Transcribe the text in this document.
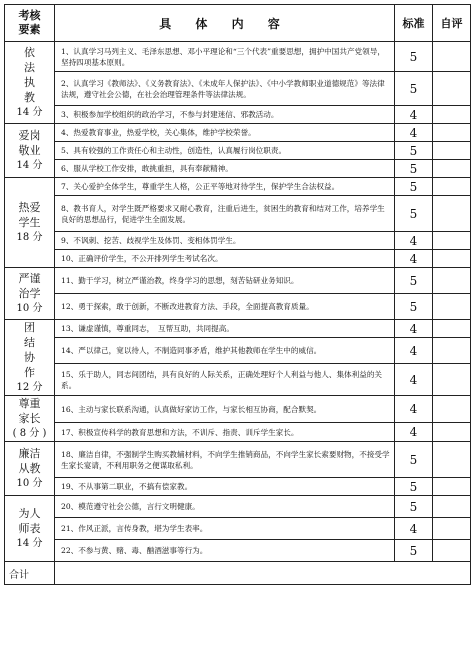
考核
要素	具 体 内 容	标准	自评

依
法
执
教
14 分	1、认真学习马列主义、毛泽东思想、邓小平理论和“三个代表”重要思想，拥护中国共产党领导，坚持四项基本原则。	5	
	2、认真学习《教师法》、《义务教育法》、《未成年人保护法》、《中小学教师职业道德规范》等法律法规，遵守社会公德，在社会治理管理条件等法律法规。	5	
	3、积极参加学校组织的政治学习，不参与封建迷信、邪教活动。	4	

爱岗
敬业
14 分	4、热爱教育事业，热爱学校，关心集体，维护学校荣誉。	4	
	5、具有较强的工作责任心和主动性，创造性，认真履行岗位职责。	5	
	6、服从学校工作安排，敢挑重担，具有奉献精神。	5	

热爱
学生
18 分	7、关心爱护全体学生，尊重学生人格，公正平等地对待学生，保护学生合法权益。	5	
	8、教书育人，对学生既严格要求又耐心教育，注重后进生，贫困生的教育和结对工作，培养学生良好的思想品行，促进学生全面发展。	5	
	9、不讽刺、挖苦、歧视学生及体罚、变相体罚学生。	4	
	10、正确评价学生，不公开排列学生考试名次。	4	

严谨
治学
10 分	11、勤于学习，树立严谨治教，终身学习的思想，刻苦钻研业务知识。	5	
	12、勇于探索，敢于创新，不断改进教育方法、手段，全面提高教育质量。	5	

团
结
协
作
12 分	13、谦虚谨慎，尊重同志，　互帮互助，共同提高。	4	
	14、严以律己，宽以待人，不制造同事矛盾，维护其他教师在学生中的威信。	4	
	15、乐于助人，同志间团结，具有良好的人际关系，正确处理好个人利益与他人、集体利益的关系。	4	

尊重
家长
( 8 分 )	16、主动与家长联系沟通，认真做好家访工作，与家长相互协商，配合默契。	4	
	17、积极宣传科学的教育思想和方法，不训斥、指责、训斥学生家长。	4	

廉洁
从教
10 分	18、廉洁自律，不强制学生购买教辅材料，不向学生推销商品，不向学生家长索要财物，不接受学生家长宴请，不利用职务之便谋取私利。	5	
	19、不从事第二职业，不搞有偿家教。	5	

为人
师表
14 分	20、模范遵守社会公德，言行文明健康。	5	
	21、作风正派，言传身教，堪为学生表率。	4	
	22、不参与黄、赌、毒、酗酒滋事等行为。	5	
合计			
